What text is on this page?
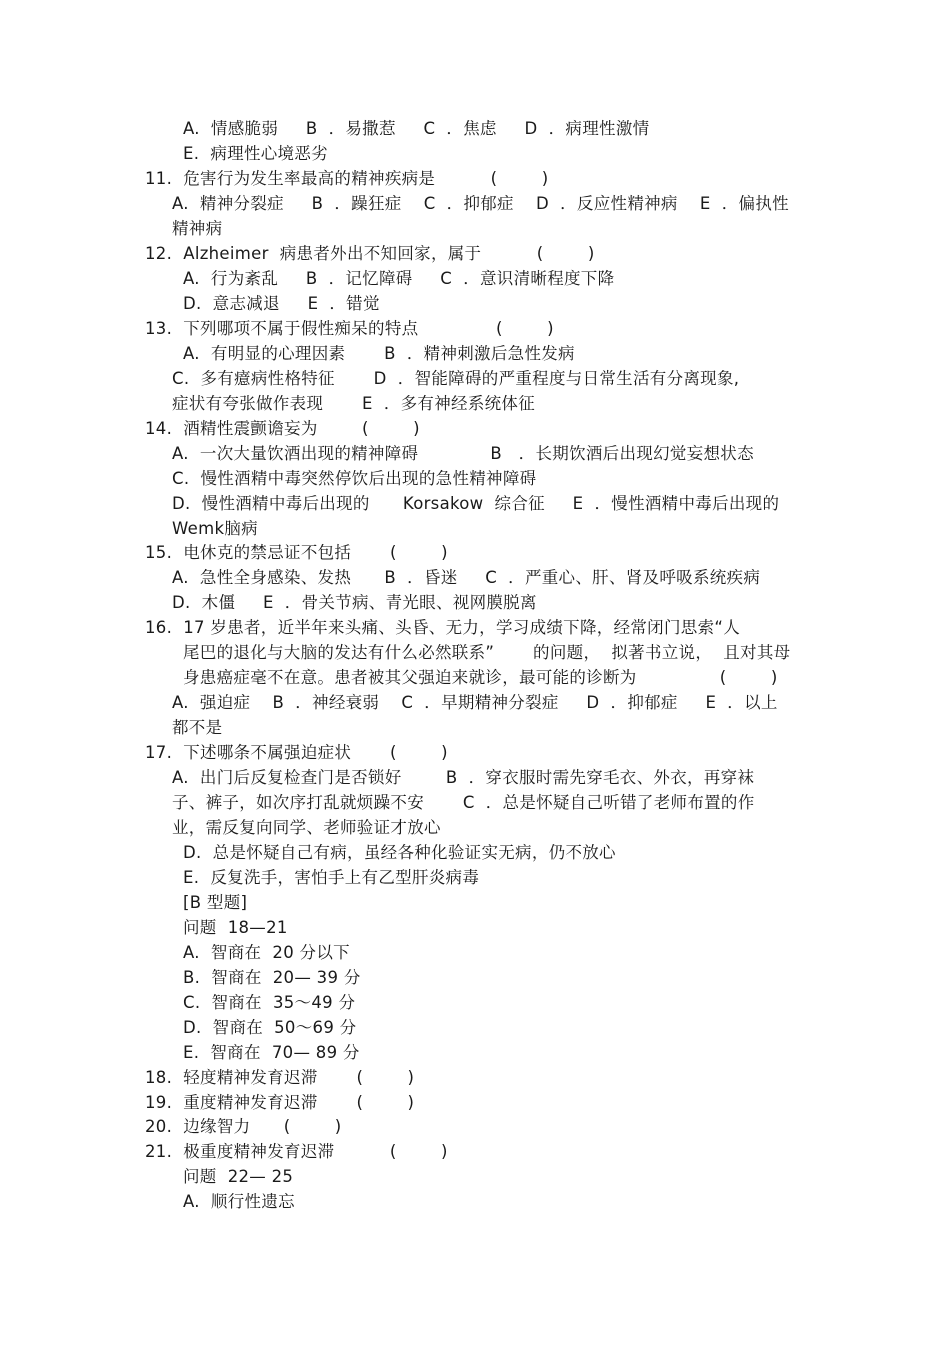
A.  情感脆弱     B  ．易撒惹     C  ．焦虑     D  ．病理性激情
E.  病理性心境恶劣
11.  危害行为发生率最高的精神疾病是          (        )
A.  精神分裂症     B  ．躁狂症    C  ．抑郁症    D  ．反应性精神病    E  ．偏执性
精神病
12.  Alzheimer  病患者外出不知回家，属于          (        )
A.  行为紊乱     B  ．记忆障碍     C  ．意识清晰程度下降
D.  意志减退     E  ．错觉
13.  下列哪项不属于假性痴呆的特点              (        )
A.  有明显的心理因素       B  ．精神刺激后急性发病
C.  多有癔病性格特征       D  ．智能障碍的严重程度与日常生活有分离现象,
症状有夸张做作表现       E  ．多有神经系统体征
14.  酒精性震颤谵妄为        (        )
A.  一次大量饮酒出现的精神障碍             B   ．长期饮酒后出现幻觉妄想状态
C.  慢性酒精中毒突然停饮后出现的急性精神障碍
D.  慢性酒精中毒后出现的      Korsakow  综合征     E  ．慢性酒精中毒后出现的
Wemk脑病
15.  电休克的禁忌证不包括       (        )
A.  急性全身感染、发热      B  ．昏迷     C  ．严重心、肝、肾及呼吸系统疾病
D.  木僵     E  ．骨关节病、青光眼、视网膜脱离
16.  17 岁患者，近半年来头痛、头昏、无力，学习成绩下降，经常闭门思索“人
尾巴的退化与大脑的发达有什么必然联系”       的问题，  拟著书立说，  且对其母
身患癌症毫不在意。患者被其父强迫来就诊，最可能的诊断为               (        )
A.  强迫症    B  ．神经衰弱    C  ．早期精神分裂症     D  ．抑郁症     E  ．以上
都不是
17.  下述哪条不属强迫症状       (        )
A.  出门后反复检查门是否锁好        B  ．穿衣服时需先穿毛衣、外衣，再穿袜
子、裤子，如次序打乱就烦躁不安       C  ．总是怀疑自己听错了老师布置的作
业，需反复向同学、老师验证才放心
D.  总是怀疑自己有病，虽经各种化验证实无病，仍不放心
E.  反复洗手，害怕手上有乙型肝炎病毒
[B 型题]
问题  18—21
A.  智商在  20 分以下
B.  智商在  20— 39 分
C.  智商在  35～49 分
D.  智商在  50～69 分
E.  智商在  70— 89 分
18.  轻度精神发育迟滞       (        )
19.  重度精神发育迟滞       (        )
20.  边缘智力      (        )
21.  极重度精神发育迟滞          (        )
问题  22— 25
A.  顺行性遗忘
